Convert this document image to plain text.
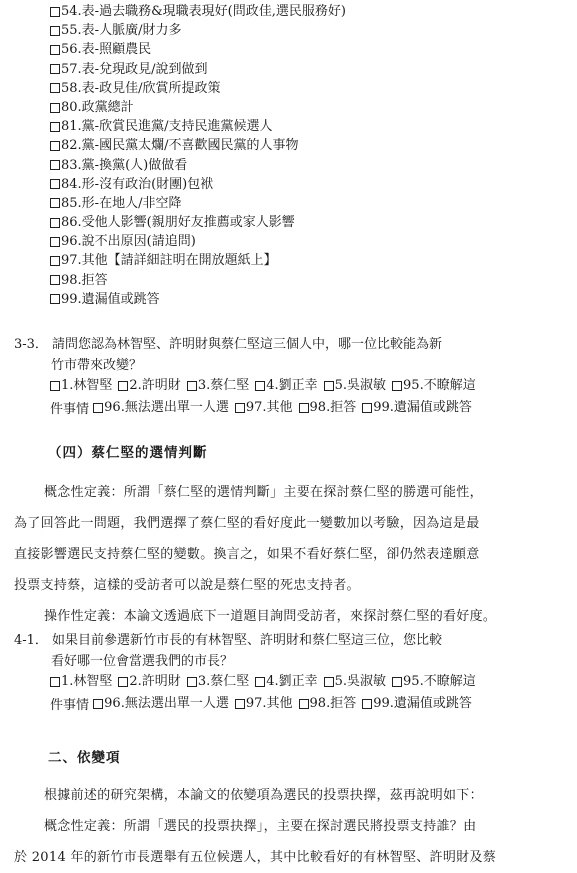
54.表-過去職務&現職表現好(問政佳,選民服務好)
55.表-人脈廣/財力多
56.表-照顧農民
57.表-兌現政見/說到做到
58.表-政見佳/欣賞所提政策
80.政黨總計
81.黨-欣賞民進黨/支持民進黨候選人
82.黨-國民黨太爛/不喜歡國民黨的人事物
83.黨-換黨(人)做做看
84.形-沒有政治(財團)包袱
85.形-在地人/非空降
86.受他人影響(親朋好友推薦或家人影響
96.說不出原因(請追問)
97.其他【請詳細註明在開放題紙上】
98.拒答
99.遺漏值或跳答
3-3． 請問您認為林智堅、許明財與蔡仁堅這三個人中，哪一位比較能為新
竹市帶來改變？
1.林智堅 2.許明財 3.蔡仁堅 4.劉正幸 5.吳淑敏 95.不瞭解這
件事情 96.無法選出單一人選 97.其他 98.拒答 99.遺漏值或跳答
（四）蔡仁堅的選情判斷
概念性定義：所謂「蔡仁堅的選情判斷」主要在探討蔡仁堅的勝選可能性，
為了回答此一問題，我們選擇了蔡仁堅的看好度此一變數加以考驗，因為這是最
直接影響選民支持蔡仁堅的變數。換言之，如果不看好蔡仁堅，卻仍然表達願意
投票支持蔡，這樣的受訪者可以說是蔡仁堅的死忠支持者。
操作性定義：本論文透過底下一道題目詢問受訪者，來探討蔡仁堅的看好度。
4-1． 如果目前參選新竹市長的有林智堅、許明財和蔡仁堅這三位，您比較
看好哪一位會當選我們的市長？
1.林智堅 2.許明財 3.蔡仁堅 4.劉正幸 5.吳淑敏 95.不瞭解這
件事情 96.無法選出單一人選 97.其他 98.拒答 99.遺漏值或跳答
二、依變項
根據前述的研究架構，本論文的依變項為選民的投票抉擇，茲再說明如下：
概念性定義：所謂「選民的投票抉擇」，主要在探討選民將投票支持誰？由
於 2014 年的新竹市長選舉有五位候選人，其中比較看好的有林智堅、許明財及蔡
